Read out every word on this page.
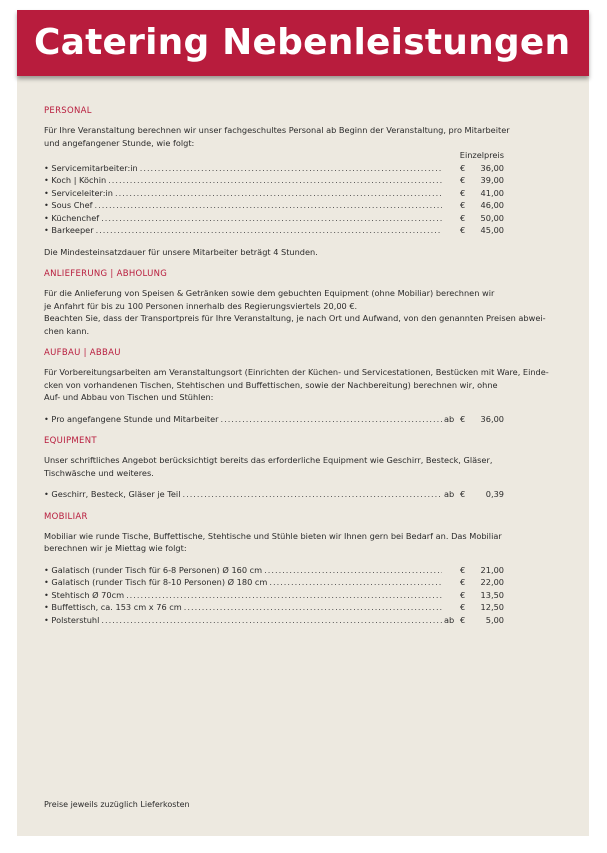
Catering Nebenleistungen
PERSONAL
Für Ihre Veranstaltung berechnen wir unser fachgeschultes Personal ab Beginn der Veranstaltung, pro Mitarbeiter
und angefangener Stunde, wie folgt:
Einzelpreis
• Servicemitarbeiter:in .....	€	36,00
• Koch | Köchin .....	€	39,00
• Serviceleiter:in .....	€	41,00
• Sous Chef .....	€	46,00
• Küchenchef .....	€	50,00
• Barkeeper .....	€	45,00
Die Mindesteinsatzdauer für unsere Mitarbeiter beträgt 4 Stunden.
ANLIEFERUNG | ABHOLUNG
Für die Anlieferung von Speisen & Getränken sowie dem gebuchten Equipment (ohne Mobiliar) berechnen wir
je Anfahrt für bis zu 100 Personen innerhalb des Regierungsviertels 20,00 €.
Beachten Sie, dass der Transportpreis für Ihre Veranstaltung, je nach Ort und Aufwand, von den genannten Preisen abwei-
chen kann.
AUFBAU | ABBAU
Für Vorbereitungsarbeiten am Veranstaltungsort (Einrichten der Küchen- und Servicestationen, Bestücken mit Ware, Einde-
cken von vorhandenen Tischen, Stehtischen und Buffettischen, sowie der Nachbereitung) berechnen wir, ohne
Auf- und Abbau von Tischen und Stühlen:
• Pro angefangene Stunde und Mitarbeiter .....	ab €	36,00
EQUIPMENT
Unser schriftliches Angebot berücksichtigt bereits das erforderliche Equipment wie Geschirr, Besteck, Gläser,
Tischwäsche und weiteres.
• Geschirr, Besteck, Gläser je Teil .....	ab €	0,39
MOBILIAR
Mobiliar wie runde Tische, Buffettische, Stehtische und Stühle bieten wir Ihnen gern bei Bedarf an. Das Mobiliar
berechnen wir je Miettag wie folgt:
• Galatisch (runder Tisch für 6-8 Personen) Ø 160 cm .....	€	21,00
• Galatisch (runder Tisch für 8-10 Personen) Ø 180 cm .....	€	22,00
• Stehtisch Ø 70cm .....	€	13,50
• Buffettisch, ca. 153 cm x 76 cm .....	€	12,50
• Polsterstuhl .....	ab €	5,00
Preise jeweils zuzüglich Lieferkosten
